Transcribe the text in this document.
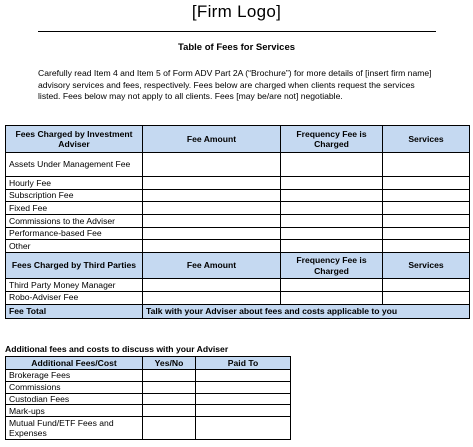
[Firm Logo]
Table of Fees for Services
Carefully read Item 4 and Item 5 of Form ADV Part 2A (“Brochure”) for more details of [insert firm name] advisory services and fees, respectively. Fees below are charged when clients request the services listed. Fees below may not apply to all clients. Fees [may be/are not] negotiable.
Fees Charged by Investment Adviser	Fee Amount	Frequency Fee is Charged	Services
Assets Under Management Fee			
Hourly Fee			
Subscription Fee			
Fixed Fee			
Commissions to the Adviser			
Performance-based Fee			
Other			
Fees Charged by Third Parties	Fee Amount	Frequency Fee is Charged	Services
Third Party Money Manager			
Robo-Adviser Fee			
Fee Total	Talk with your Adviser about fees and costs applicable to you		
Additional fees and costs to discuss with your Adviser
Additional Fees/Cost	Yes/No	Paid To
Brokerage Fees		
Commissions		
Custodian Fees		
Mark-ups		
Mutual Fund/ETF Fees and Expenses		
